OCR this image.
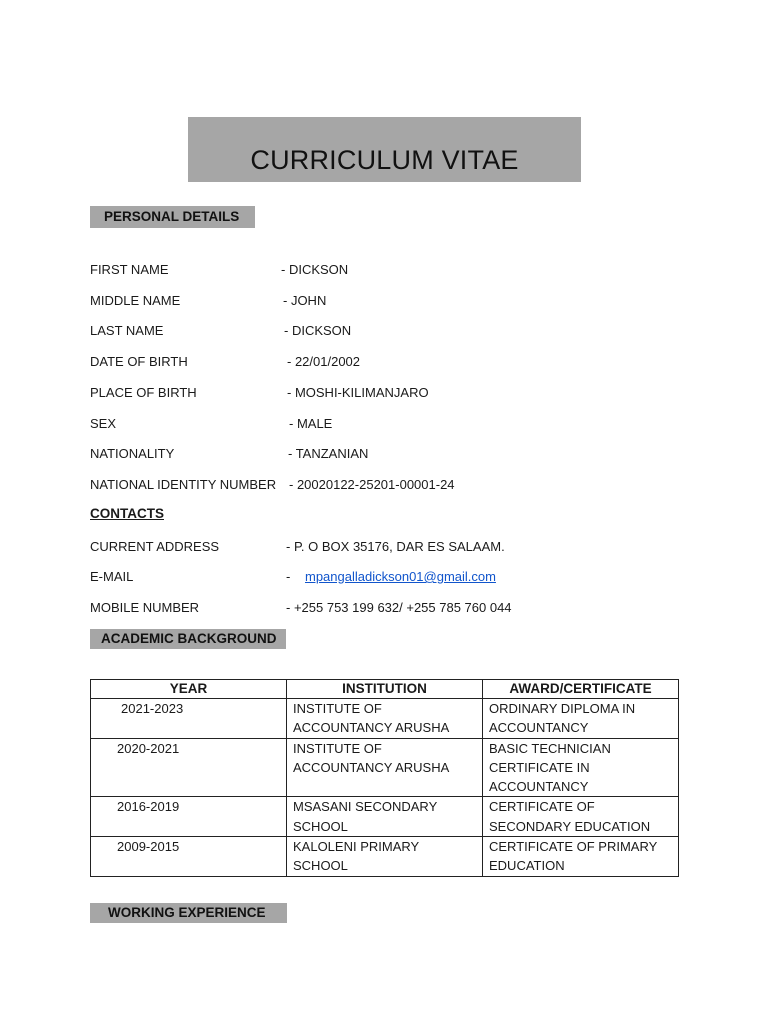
CURRICULUM VITAE
PERSONAL DETAILS
FIRST NAME	- DICKSON
MIDDLE NAME	- JOHN
LAST NAME	- DICKSON
DATE OF BIRTH	- 22/01/2002
PLACE OF BIRTH	- MOSHI-KILIMANJARO
SEX	- MALE
NATIONALITY	- TANZANIAN
NATIONAL IDENTITY NUMBER - 20020122-25201-00001-24
CONTACTS
CURRENT ADDRESS	- P. O BOX 35176, DAR ES SALAAM.
E-MAIL	- mpangalladickson01@gmail.com
MOBILE NUMBER	- +255 753 199 632/ +255 785 760 044
ACADEMIC BACKGROUND
YEAR	INSTITUTION	AWARD/CERTIFICATE
2021-2023	INSTITUTE OF ACCOUNTANCY ARUSHA	ORDINARY DIPLOMA IN ACCOUNTANCY
2020-2021	INSTITUTE OF ACCOUNTANCY ARUSHA	BASIC TECHNICIAN CERTIFICATE IN ACCOUNTANCY
2016-2019	MSASANI SECONDARY SCHOOL	CERTIFICATE OF SECONDARY EDUCATION
2009-2015	KALOLENI PRIMARY SCHOOL	CERTIFICATE OF PRIMARY EDUCATION
WORKING EXPERIENCE
